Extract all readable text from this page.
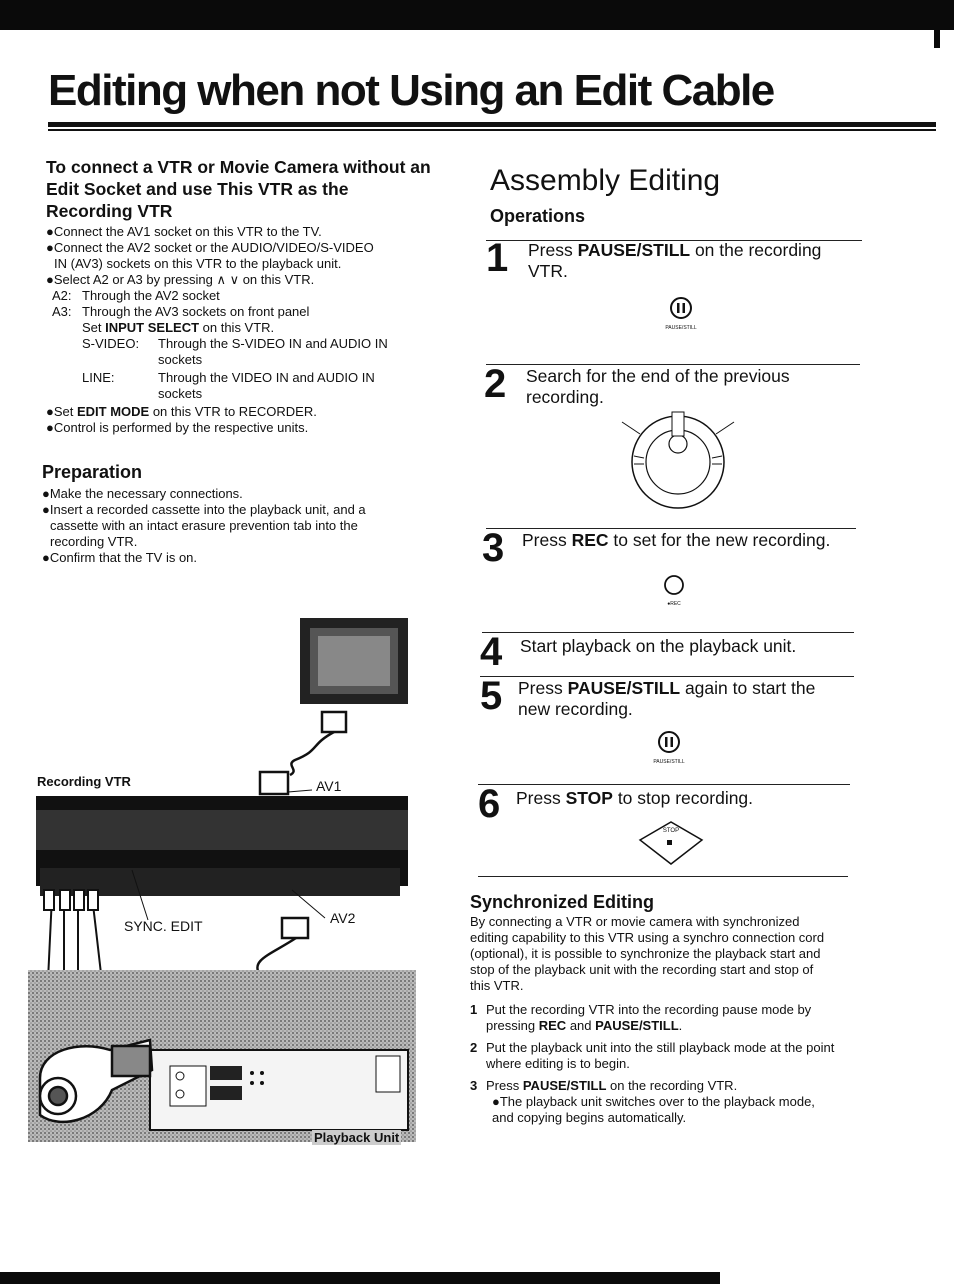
Editing when not Using an Edit Cable
To connect a VTR or Movie Camera without an Edit Socket and use This VTR as the Recording VTR
●Connect the AV1 socket on this VTR to the TV.
●Connect the AV2 socket or the AUDIO/VIDEO/S-VIDEO
IN (AV3) sockets on this VTR to the playback unit.
●Select A2 or A3 by pressing ∧ ∨ on this VTR.
A2: Through the AV2 socket
A3: Through the AV3 sockets on front panel
Set INPUT SELECT on this VTR.
S-VIDEO:	Through the S-VIDEO IN and AUDIO IN
sockets
LINE:	Through the VIDEO IN and AUDIO IN
sockets
●Set EDIT MODE on this VTR to RECORDER.
●Control is performed by the respective units.
Preparation
●Make the necessary connections.
●Insert a recorded cassette into the playback unit, and a
cassette with an intact erasure prevention tab into the
recording VTR.
●Confirm that the TV is on.
Recording VTR	AV1
AV2
SYNC. EDIT
Playback Unit
Assembly Editing
Operations
1 Press PAUSE/STILL on the recording VTR.
PAUSE/STILL
2 Search for the end of the previous recording.
3 Press REC to set for the new recording.
●REC
4 Start playback on the playback unit.
5 Press PAUSE/STILL again to start the new recording.
PAUSE/STILL
6 Press STOP to stop recording.
STOP
Synchronized Editing

By connecting a VTR or movie camera with synchronized editing capability to this VTR using a synchro connection cord (optional), it is possible to synchronize the playback start and stop of the playback unit with the recording start and stop of this VTR.

1 Put the recording VTR into the recording pause mode by pressing REC and PAUSE/STILL.
2 Put the playback unit into the still playback mode at the point where editing is to begin.
3 Press PAUSE/STILL on the recording VTR.
●The playback unit switches over to the playback mode, and copying begins automatically.
